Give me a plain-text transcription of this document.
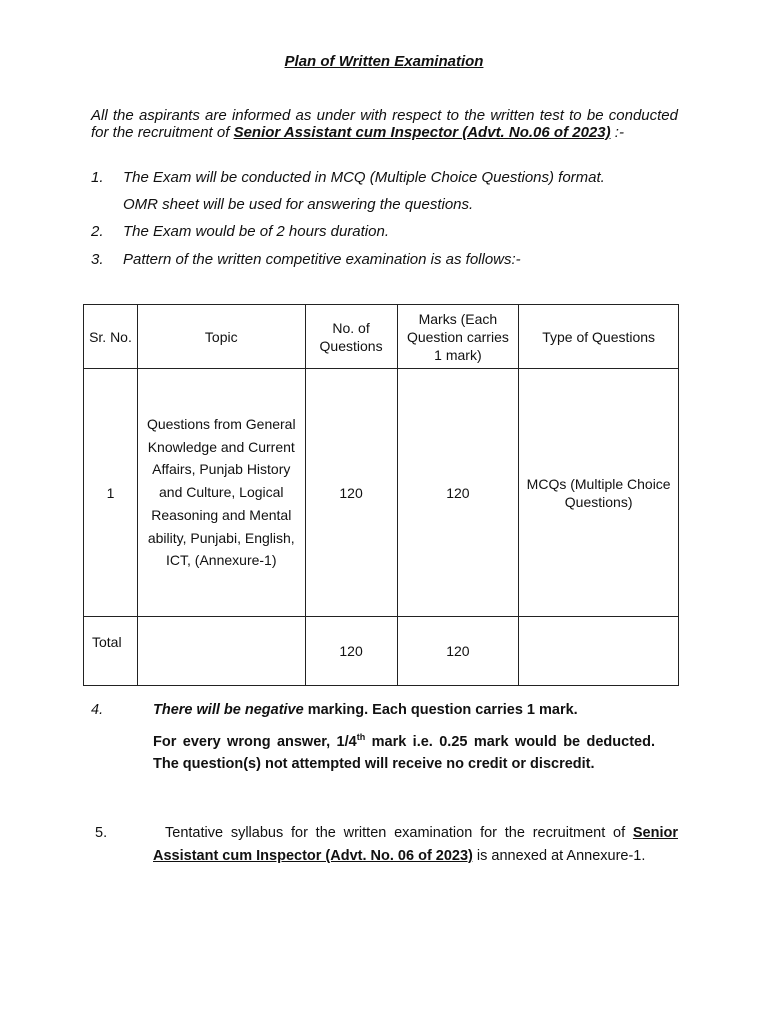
Plan of Written Examination
All the aspirants are informed as under with respect to the written test to be conducted for the recruitment of Senior Assistant cum Inspector (Advt. No.06 of 2023) :-
1. The Exam will be conducted in MCQ (Multiple Choice Questions) format.
OMR sheet will be used for answering the questions.
2. The Exam would be of 2 hours duration.
3. Pattern of the written competitive examination is as follows:-
Sr. No.	Topic	No. of Questions	Marks (Each Question carries 1 mark)	Type of Questions
1	Questions from General Knowledge and Current Affairs, Punjab History and Culture, Logical Reasoning and Mental ability, Punjabi, English, ICT, (Annexure-1)	120	120	MCQs (Multiple Choice Questions)
Total		120	120	
4.	There will be negative marking. Each question carries 1 mark.
For every wrong answer, 1/4th mark i.e. 0.25 mark would be deducted. The question(s) not attempted will receive no credit or discredit.
5.	Tentative syllabus for the written examination for the recruitment of Senior Assistant cum Inspector (Advt. No. 06 of 2023) is annexed at Annexure-1.
